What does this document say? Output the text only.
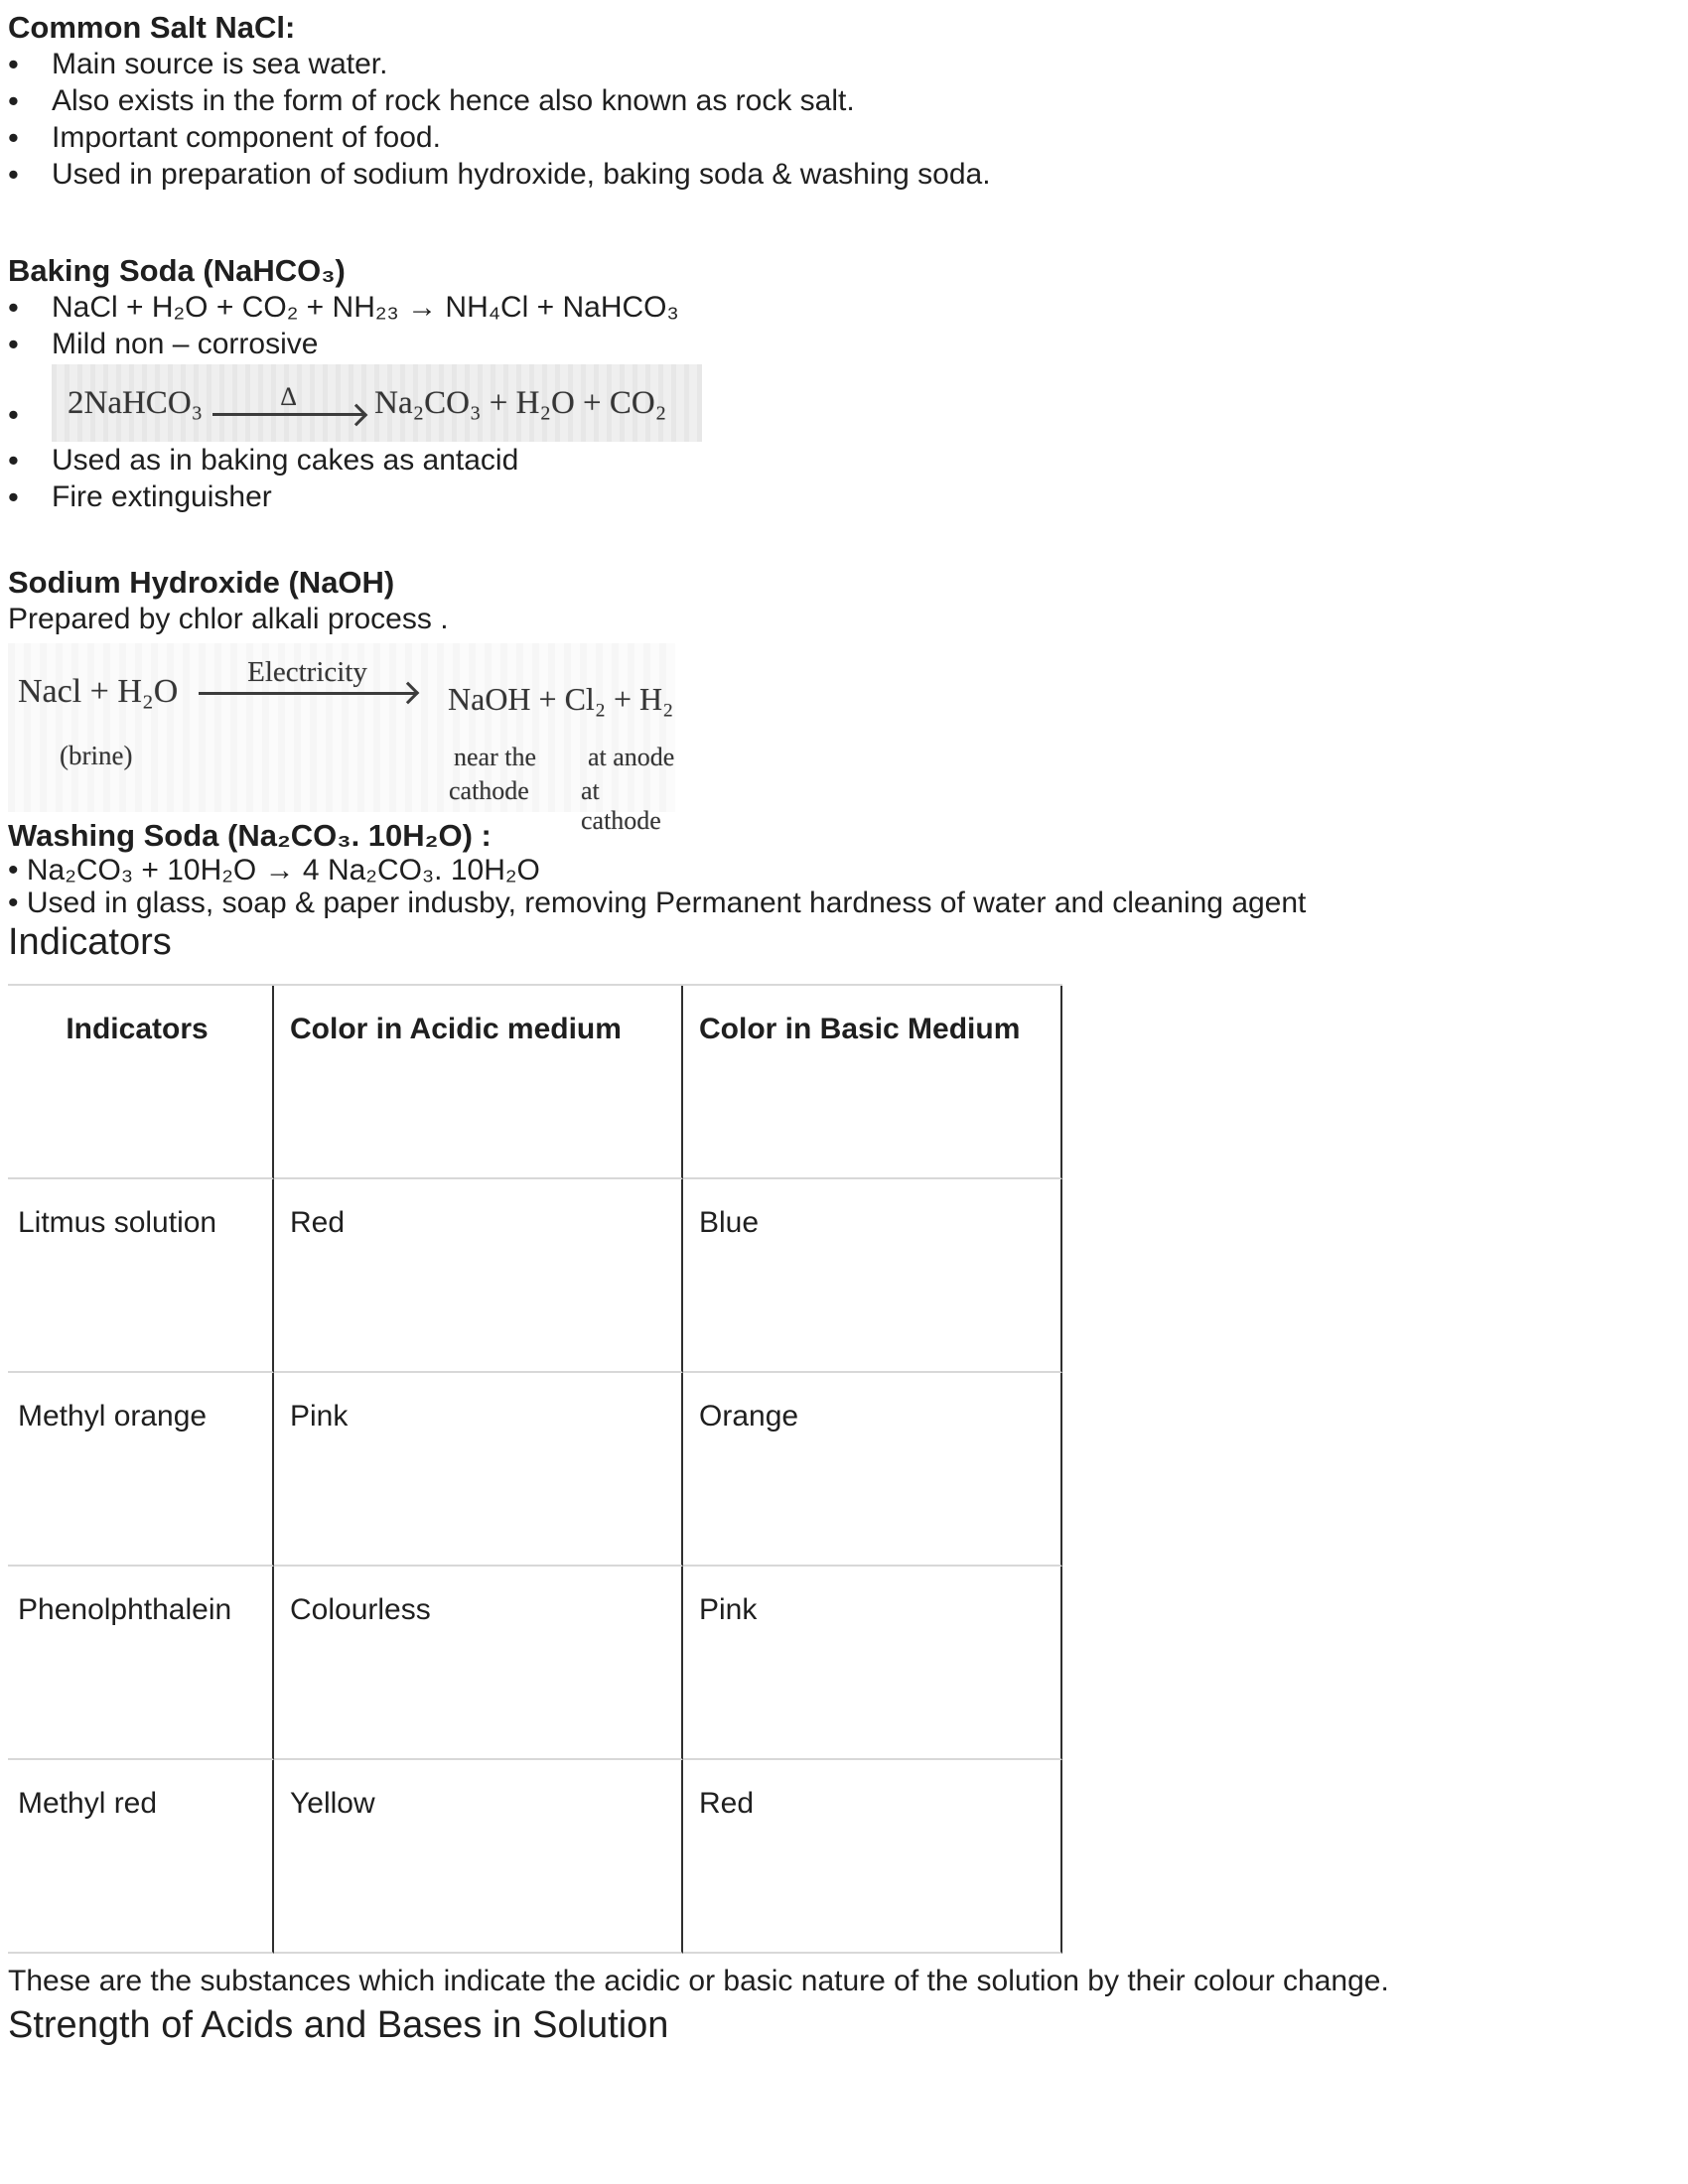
Common Salt NaCl:
• Main source is sea water.
• Also exists in the form of rock hence also known as rock salt.
• Important component of food.
• Used in preparation of sodium hydroxide, baking soda & washing soda.
Baking Soda (NaHCO₃)
• NaCl + H₂O + CO₂ + NH₂₃ → NH₄Cl + NaHCO₃
• Mild non – corrosive
• 2NaHCO₃	Δ Na₂CO₃ + H₂O + CO₂
• Used as in baking cakes as antacid
• Fire extinguisher
Sodium Hydroxide (NaOH)

Prepared by chlor alkali process .

Nacl + H₂O
(brine)
Electricity
NaOH + Cl₂ + H₂
near the
cathode
at anode
at cathode
Washing Soda (Na₂CO₃. 10H₂O) :

• Na₂CO₃ + 10H₂O → 4 Na₂CO₃. 10H₂O

• Used in glass, soap & paper indusby, removing Permanent hardness of water and cleaning agent

Indicators
Indicators	Color in Acidic medium	Color in Basic Medium
Litmus solution	Red	Blue
Methyl orange	Pink	Orange
Phenolphthalein	Colourless	Pink
Methyl red	Yellow	Red

These are the substances which indicate the acidic or basic nature of the solution by their colour change.

Strength of Acids and Bases in Solution
